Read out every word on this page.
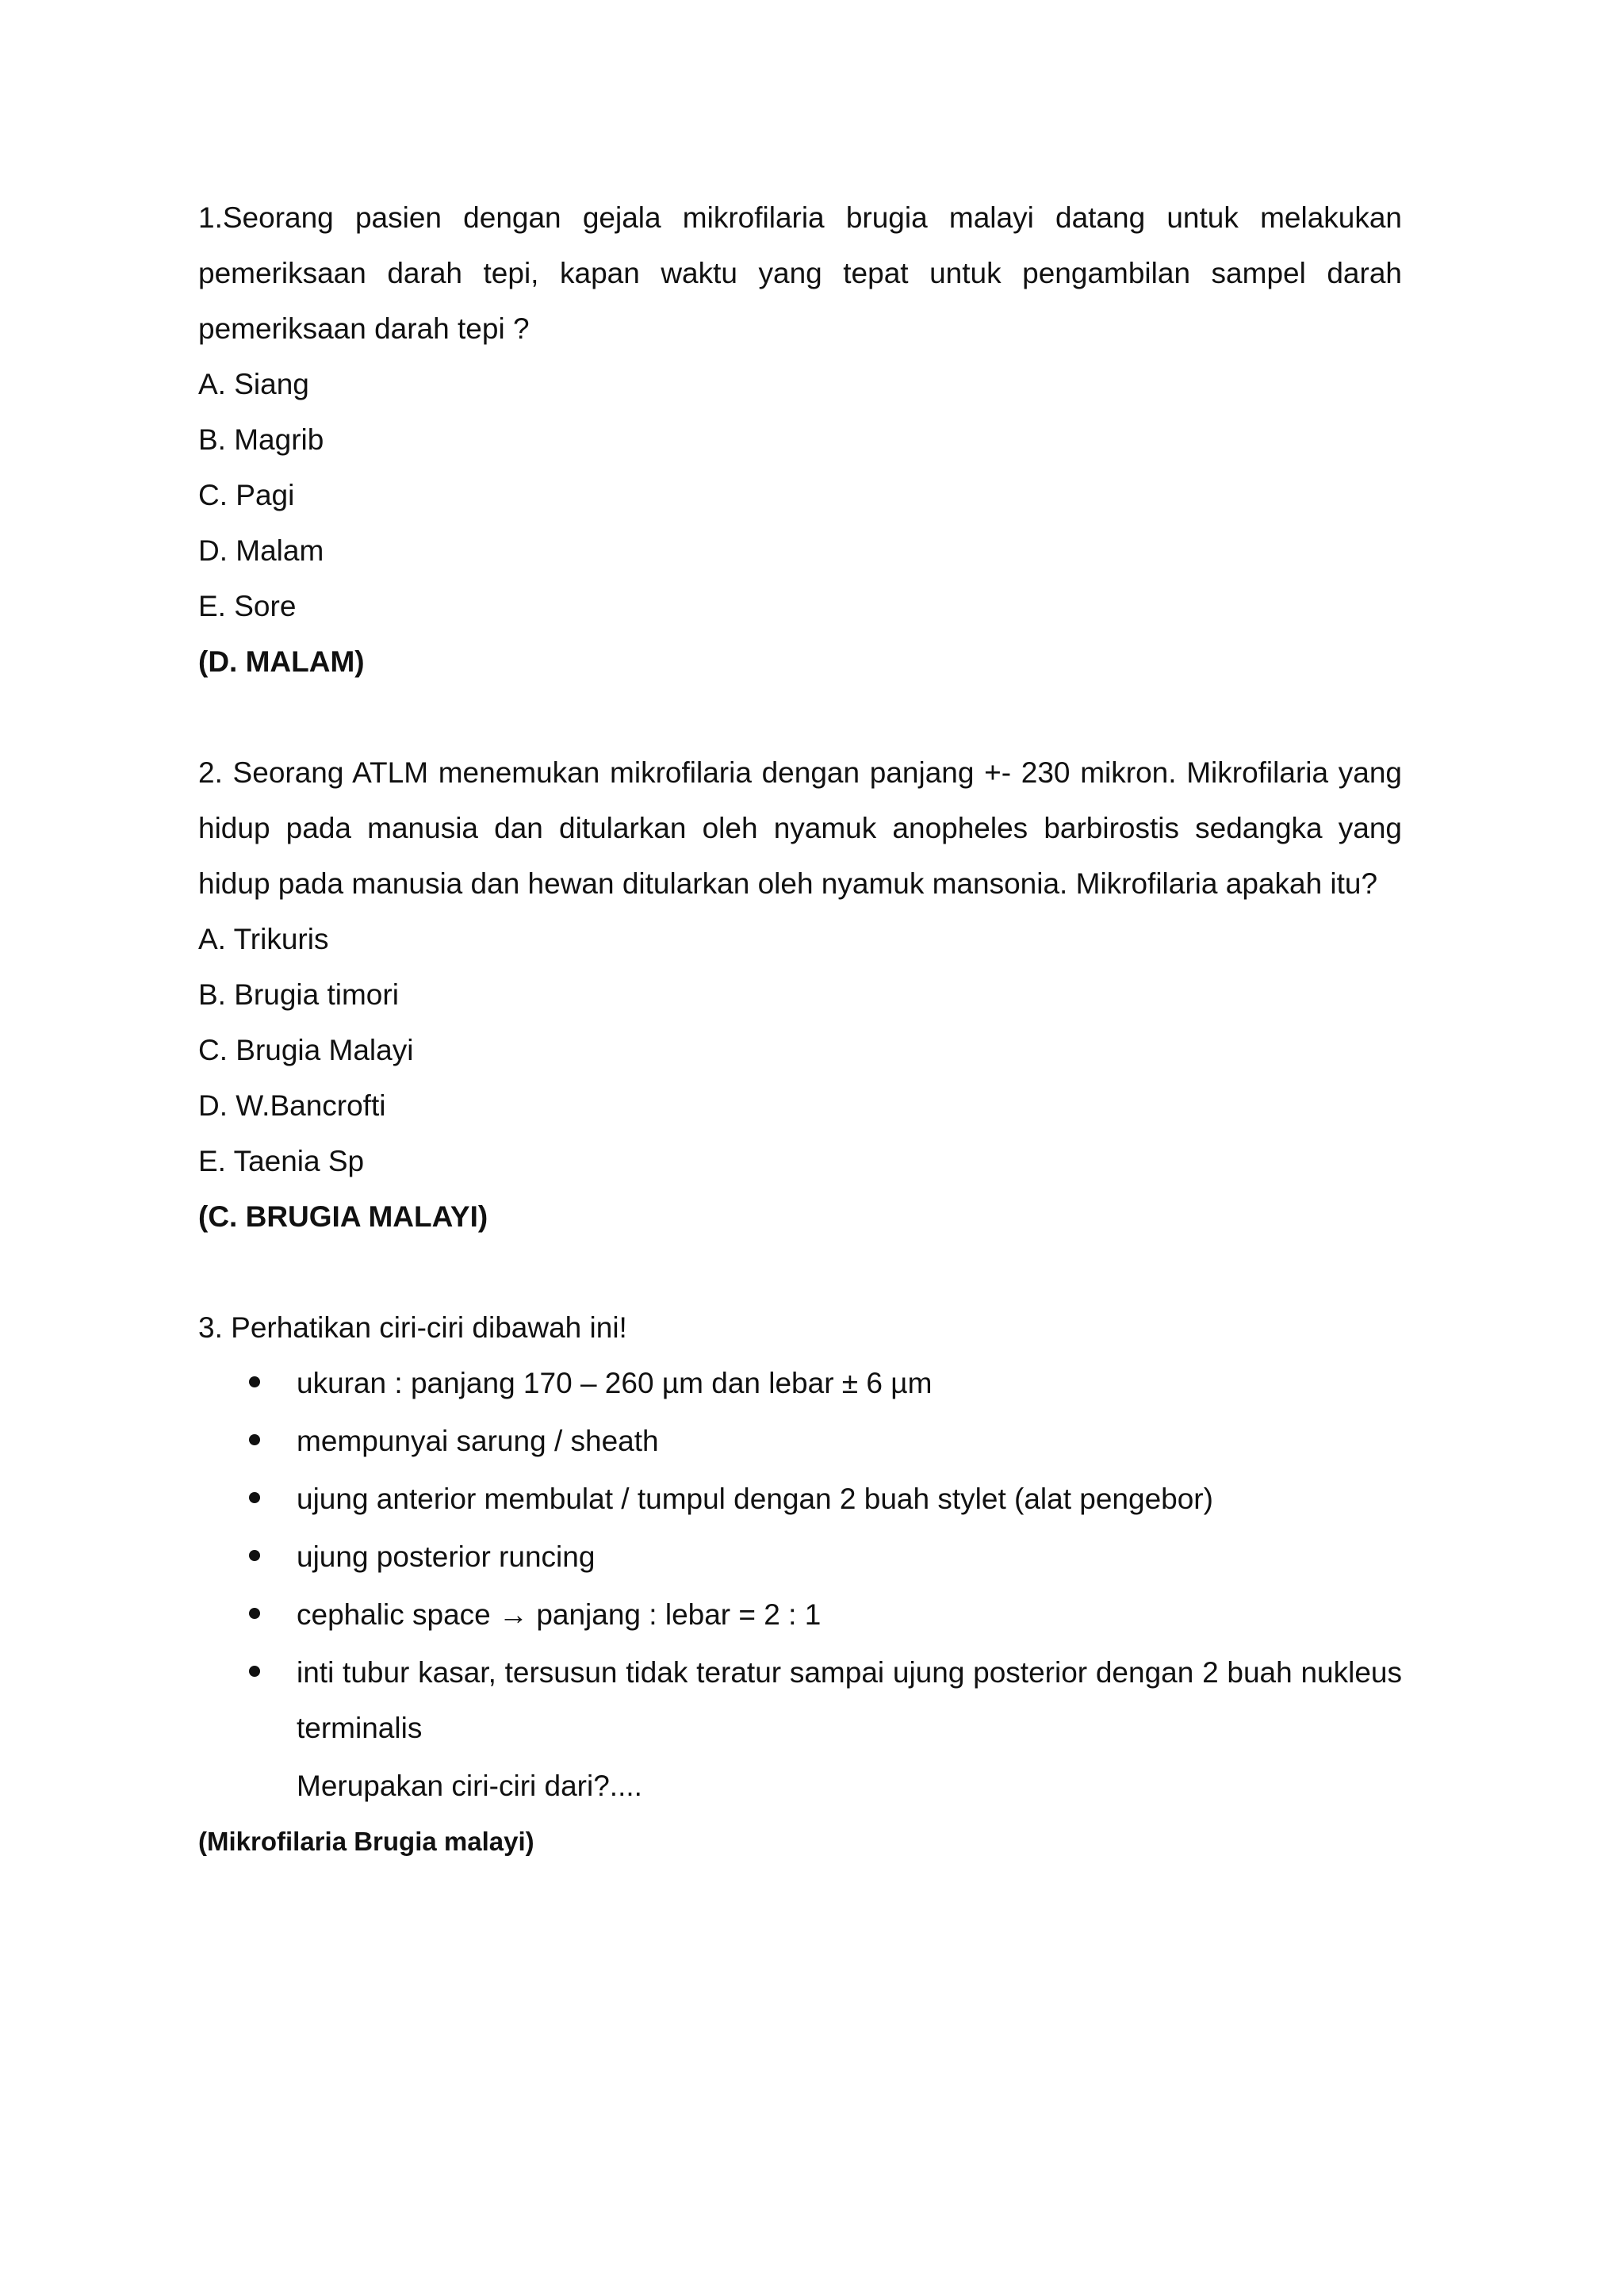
1.Seorang pasien dengan gejala mikrofilaria brugia malayi datang untuk melakukan pemeriksaan darah tepi, kapan waktu yang tepat untuk pengambilan sampel darah pemeriksaan darah tepi ?
A. Siang
B. Magrib
C. Pagi
D. Malam
E. Sore
(D. MALAM)
2. Seorang ATLM menemukan mikrofilaria dengan panjang +- 230 mikron. Mikrofilaria yang hidup pada manusia dan ditularkan oleh nyamuk anopheles barbirostis sedangka yang hidup pada manusia dan hewan ditularkan oleh nyamuk mansonia. Mikrofilaria apakah itu?
A. Trikuris
B. Brugia timori
C. Brugia Malayi
D. W.Bancrofti
E. Taenia Sp
(C. BRUGIA MALAYI)
3. Perhatikan ciri-ciri dibawah ini!
ukuran : panjang 170 – 260 µm dan lebar ± 6 µm
mempunyai sarung / sheath
ujung anterior membulat / tumpul dengan 2 buah stylet (alat pengebor)
ujung posterior runcing
cephalic space → panjang : lebar = 2 : 1
inti tubur kasar, tersusun tidak teratur sampai ujung posterior dengan 2 buah nukleus terminalis
Merupakan ciri-ciri dari?....
(Mikrofilaria Brugia malayi)
